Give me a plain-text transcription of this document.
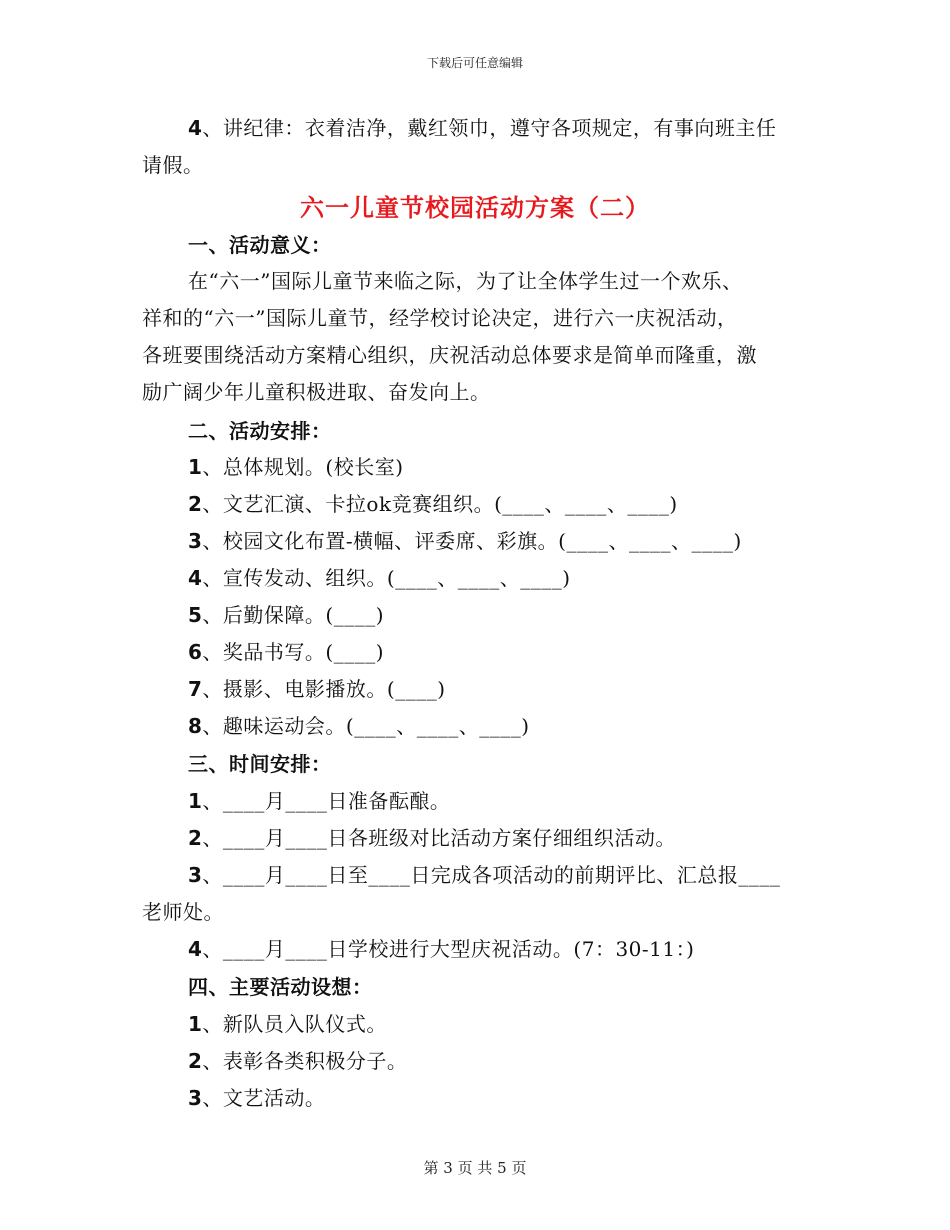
下载后可任意编辑
4、讲纪律：衣着洁净，戴红领巾，遵守各项规定，有事向班主任
请假。
六一儿童节校园活动方案（二）
一、活动意义：
在“六一”国际儿童节来临之际，为了让全体学生过一个欢乐、
祥和的“六一”国际儿童节，经学校讨论决定，进行六一庆祝活动，
各班要围绕活动方案精心组织，庆祝活动总体要求是简单而隆重，激
励广阔少年儿童积极进取、奋发向上。
二、活动安排：
1、总体规划。(校长室)
2、文艺汇演、卡拉ok竞赛组织。(____、____、____)
3、校园文化布置-横幅、评委席、彩旗。(____、____、____)
4、宣传发动、组织。(____、____、____)
5、后勤保障。(____)
6、奖品书写。(____)
7、摄影、电影播放。(____)
8、趣味运动会。(____、____、____)
三、时间安排：
1、____月____日准备酝酿。
2、____月____日各班级对比活动方案仔细组织活动。
3、____月____日至____日完成各项活动的前期评比、汇总报____
老师处。
4、____月____日学校进行大型庆祝活动。(7：30-11：)
四、主要活动设想：
1、新队员入队仪式。
2、表彰各类积极分子。
3、文艺活动。
第 3 页 共 5 页
